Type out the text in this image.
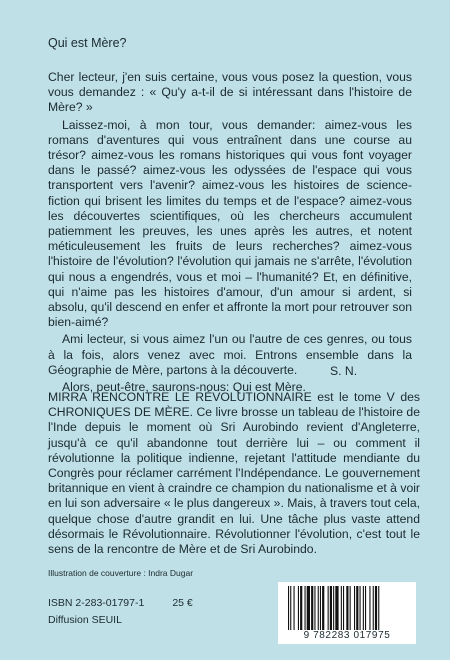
Qui est Mère?

Cher lecteur, j'en suis certaine, vous vous posez la question, vous vous demandez : « Qu'y a-t-il de si intéressant dans l'histoire de Mère? »

Laissez-moi, à mon tour, vous demander: aimez-vous les romans d'aventures qui vous entraînent dans une course au trésor? aimez-vous les romans historiques qui vous font voyager dans le passé? aimez-vous les odyssées de l'espace qui vous transportent vers l'avenir? aimez-vous les histoires de science-fiction qui brisent les limites du temps et de l'espace? aimez-vous les découvertes scientifiques, où les chercheurs accumulent patiemment les preuves, les unes après les autres, et notent méticuleusement les fruits de leurs recherches? aimez-vous l'histoire de l'évolution? l'évolution qui jamais ne s'arrête, l'évolution qui nous a engendrés, vous et moi – l'humanité? Et, en définitive, qui n'aime pas les histoires d'amour, d'un amour si ardent, si absolu, qu'il descend en enfer et affronte la mort pour retrouver son bien-aimé?

Ami lecteur, si vous aimez l'un ou l'autre de ces genres, ou tous à la fois, alors venez avec moi. Entrons ensemble dans la Géographie de Mère, partons à la découverte.

Alors, peut-être, saurons-nous: Qui est Mère.

S. N.
MIRRA RENCONTRE LE RÉVOLUTIONNAIRE est le tome V des CHRONIQUES DE MÈRE. Ce livre brosse un tableau de l'histoire de l'Inde depuis le moment où Sri Aurobindo revient d'Angleterre, jusqu'à ce qu'il abandonne tout derrière lui – ou comment il révolutionne la politique indienne, rejetant l'attitude mendiante du Congrès pour réclamer carrément l'Indépendance. Le gouvernement britannique en vient à craindre ce champion du nationalisme et à voir en lui son adversaire « le plus dangereux ». Mais, à travers tout cela, quelque chose d'autre grandit en lui. Une tâche plus vaste attend désormais le Révolutionnaire. Révolutionner l'évolution, c'est tout le sens de la rencontre de Mère et de Sri Aurobindo.
Illustration de couverture : Indra Dugar
ISBN 2-283-01797-1	25 €
Diffusion SEUIL
9 782283 017975
